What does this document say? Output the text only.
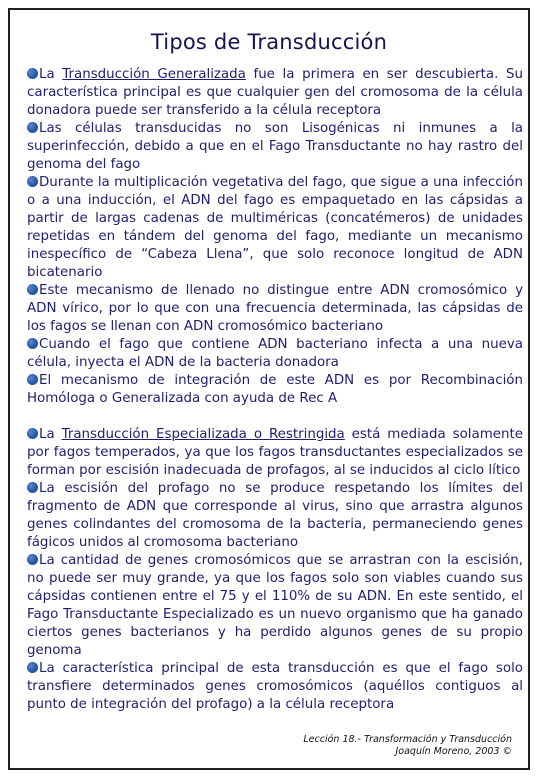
Tipos de Transducción

La Transducción Generalizada fue la primera en ser descubierta. Su característica principal es que cualquier gen del cromosoma de la célula donadora puede ser transferido a la célula receptora

Las células transducidas no son Lisogénicas ni inmunes a la superinfección, debido a que en el Fago Transductante no hay rastro del genoma del fago

Durante la multiplicación vegetativa del fago, que sigue a una infección o a una inducción, el ADN del fago es empaquetado en las cápsidas a partir de largas cadenas de multiméricas (concatémeros) de unidades repetidas en tándem del genoma del fago, mediante un mecanismo inespecífico de “Cabeza Llena”, que solo reconoce longitud de ADN bicatenario

Este mecanismo de llenado no distingue entre ADN cromosómico y ADN vírico, por lo que con una frecuencia determinada, las cápsidas de los fagos se llenan con ADN cromosómico bacteriano

Cuando el fago que contiene ADN bacteriano infecta a una nueva célula, inyecta el ADN de la bacteria donadora

El mecanismo de integración de este ADN es por Recombinación Homóloga o Generalizada con ayuda de Rec A

La Transducción Especializada o Restringida está mediada solamente por fagos temperados, ya que los fagos transductantes especializados se forman por escisión inadecuada de profagos, al se inducidos al ciclo lítico

La escisión del profago no se produce respetando los límites del fragmento de ADN que corresponde al virus, sino que arrastra algunos genes colindantes del cromosoma de la bacteria, permaneciendo genes fágicos unidos al cromosoma bacteriano

La cantidad de genes cromosómicos que se arrastran con la escisión, no puede ser muy grande, ya que los fagos solo son viables cuando sus cápsidas contienen entre el 75 y el 110% de su ADN. En este sentido, el Fago Transductante Especializado es un nuevo organismo que ha ganado ciertos genes bacterianos y ha perdido algunos genes de su propio genoma

La característica principal de esta transducción es que el fago solo transfiere determinados genes cromosómicos (aquéllos contiguos al punto de integración del profago) a la célula receptora

Lección 18.- Transformación y Transducción
Joaquín Moreno, 2003 ©
